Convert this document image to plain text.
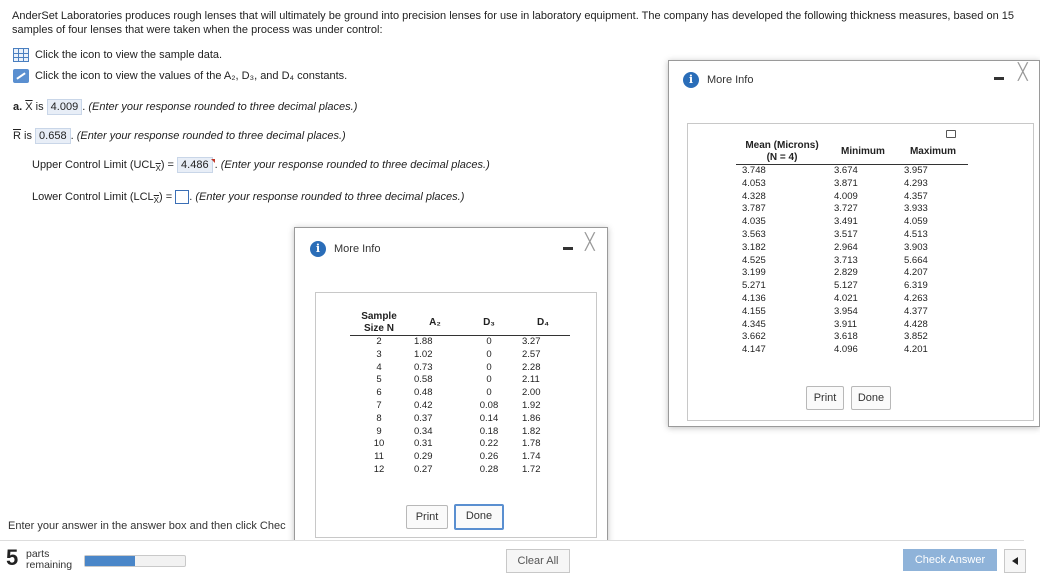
AnderSet Laboratories produces rough lenses that will ultimately be ground into precision lenses for use in laboratory equipment. The company has developed the following thickness measures, based on 15 samples of four lenses that were taken when the process was under control:
Click the icon to view the sample data.
Click the icon to view the values of the A₂, D₃, and D₄ constants.
a. $\overline{X}$ is 4.009 . (Enter your response rounded to three decimal places.)
$\overline{R}$ is 0.658 . (Enter your response rounded to three decimal places.)
Upper Control Limit $(UCL_{\overline{X}}) = 4.486$ . (Enter your response rounded to three decimal places.)
Lower Control Limit $(LCL_{\overline{X}})$ = . (Enter your response rounded to three decimal places.)
Enter your answer in the answer box and then click Chec
i	More Info	╳
Mean (Microns) (N = 4)	Minimum	Maximum
3.748	3.674	3.957
4.053	3.871	4.293
4.328	4.009	4.357
3.787	3.727	3.933
4.035	3.491	4.059
3.563	3.517	4.513
3.182	2.964	3.903
4.525	3.713	5.664
3.199	2.829	4.207
5.271	5.127	6.319
4.136	4.021	4.263
4.155	3.954	4.377
4.345	3.911	4.428
3.662	3.618	3.852
4.147	4.096	4.201
Print	Done
i	More Info	╳
Sample Size N	A₂	D₃	D₄
2	1.88	0	3.27
3	1.02	0	2.57
4	0.73	0	2.28
5	0.58	0	2.11
6	0.48	0	2.00
7	0.42	0.08	1.92
8	0.37	0.14	1.86
9	0.34	0.18	1.82
10	0.31	0.22	1.78
11	0.29	0.26	1.74
12	0.27	0.28	1.72
Print	Done
5 parts
remaining	Clear All	Check Answer
